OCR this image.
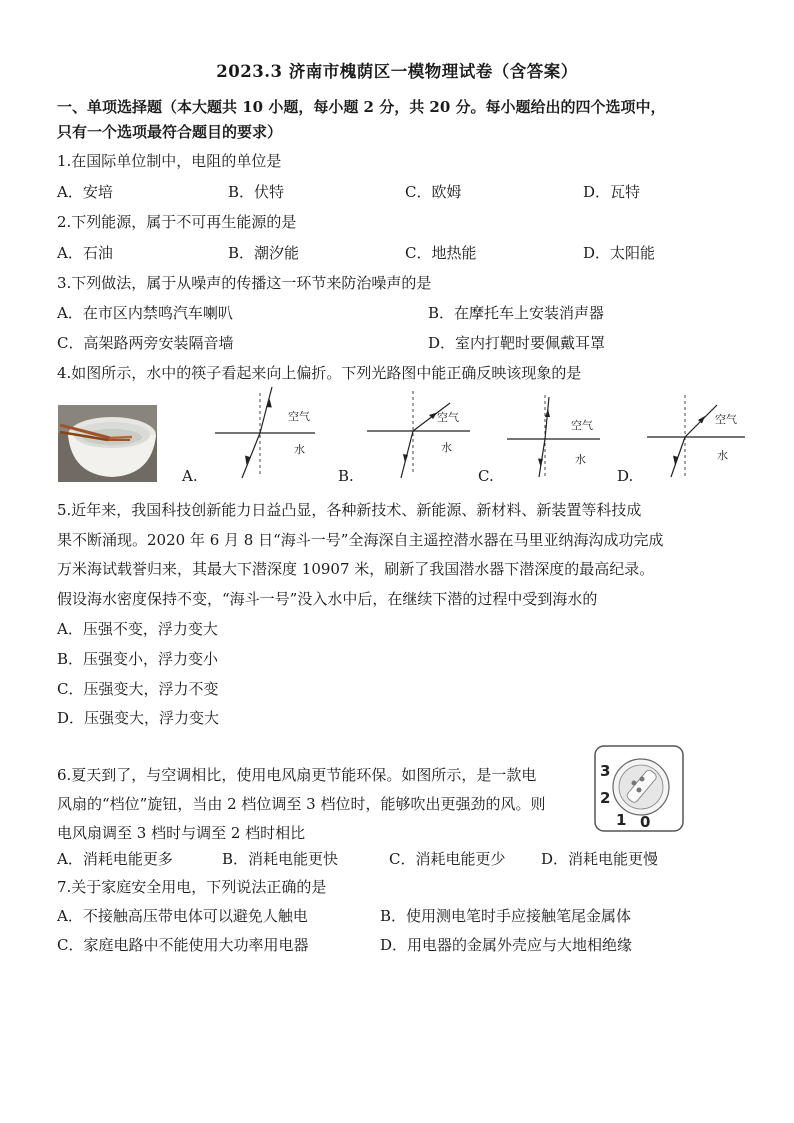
2023.3 济南市槐荫区一模物理试卷（含答案）
一、单项选择题（本大题共 10 小题，每小题 2 分，共 20 分。每小题给出的四个选项中，
只有一个选项最符合题目的要求）
1.在国际单位制中，电阻的单位是
A．安培	B．伏特	C．欧姆	D．瓦特
2.下列能源，属于不可再生能源的是
A．石油	B．潮汐能	C．地热能	D．太阳能
3.下列做法，属于从噪声的传播这一环节来防治噪声的是
A．在市区内禁鸣汽车喇叭	B．在摩托车上安装消声器
C．高架路两旁安装隔音墙	D．室内打靶时要佩戴耳罩
4.如图所示，水中的筷子看起来向上偏折。下列光路图中能正确反映该现象的是
空气
水
空气
水
空气
水
空气
水
A.	B.	C.	D.
5.近年来，我国科技创新能力日益凸显，各种新技术、新能源、新材料、新装置等科技成
果不断涌现。2020 年 6 月 8 日“海斗一号”全海深自主遥控潜水器在马里亚纳海沟成功完成
万米海试载誉归来，其最大下潜深度 10907 米，刷新了我国潜水器下潜深度的最高纪录。
假设海水密度保持不变，“海斗一号”没入水中后，在继续下潜的过程中受到海水的
A．压强不变，浮力变大
B．压强变小，浮力变小
C．压强变大，浮力不变
D．压强变大，浮力变大
6.夏天到了，与空调相比，使用电风扇更节能环保。如图所示，是一款电
风扇的“档位”旋钮，当由 2 档位调至 3 档位时，能够吹出更强劲的风。则
电风扇调至 3 档时与调至 2 档时相比
3
2
1 0
A．消耗电能更多	B．消耗电能更快	C．消耗电能更少 D．消耗电能更慢
7.关于家庭安全用电，下列说法正确的是
A．不接触高压带电体可以避免人触电	B．使用测电笔时手应接触笔尾金属体
C．家庭电路中不能使用大功率用电器	D．用电器的金属外壳应与大地相绝缘
